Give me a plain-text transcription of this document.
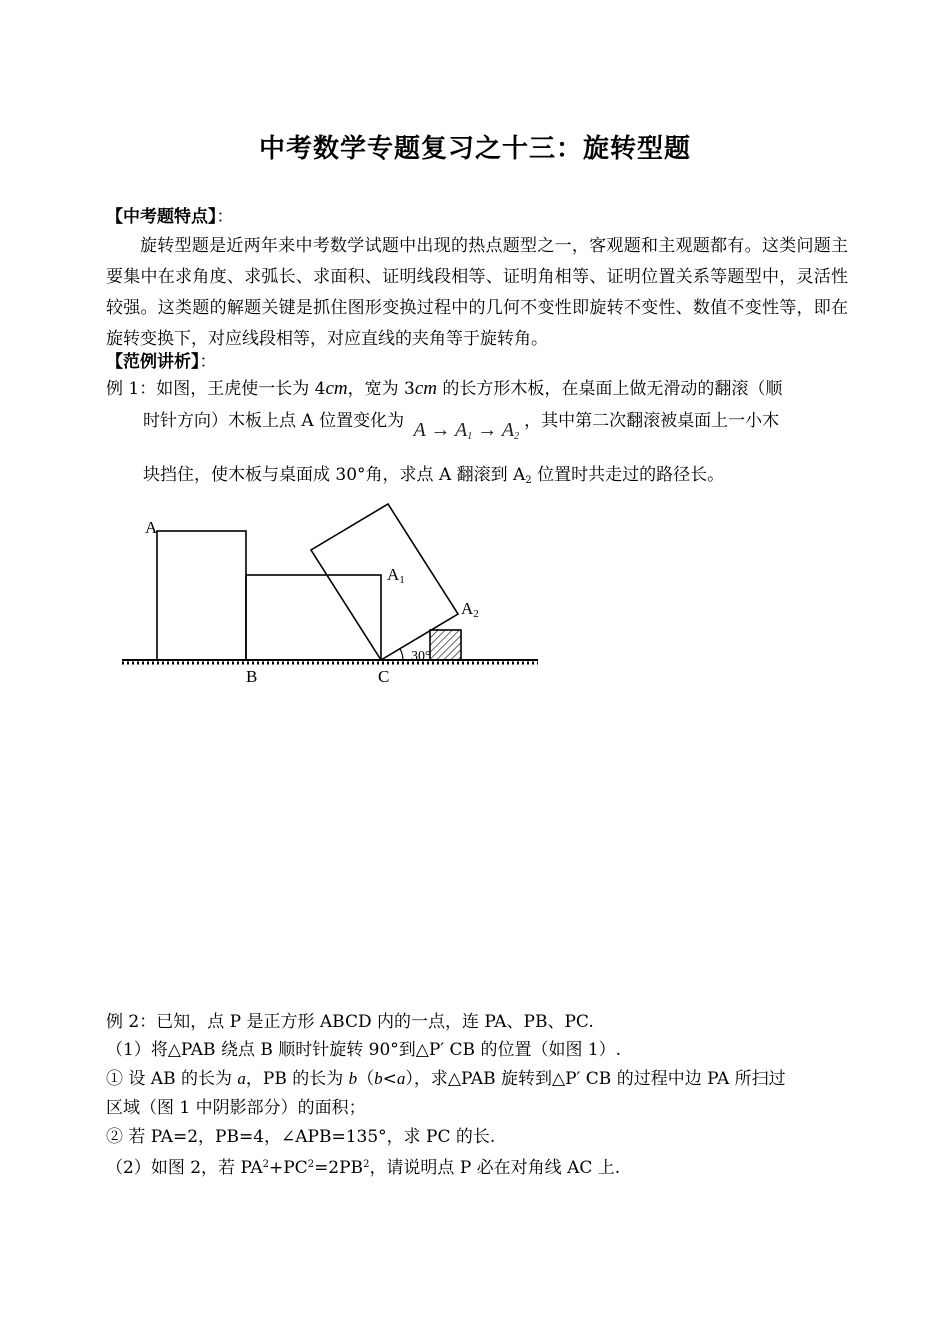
中考数学专题复习之十三：旋转型题
【中考题特点】：
旋转型题是近两年来中考数学试题中出现的热点题型之一，客观题和主观题都有。这类问题主要集中在求角度、求弧长、求面积、证明线段相等、证明角相等、证明位置关系等题型中，灵活性较强。这类题的解题关键是抓住图形变换过程中的几何不变性即旋转不变性、数值不变性等，即在旋转变换下，对应线段相等，对应直线的夹角等于旋转角。
【范例讲析】：
例 1：如图，王虎使一长为 4cm，宽为 3cm 的长方形木板，在桌面上做无滑动的翻滚（顺
时针方向）木板上点 A 位置变化为 $A \to A_1 \to A_2$ ，其中第二次翻滚被桌面上一小木
块挡住，使木板与桌面成 30°角，求点 A 翻滚到 $A_2$ 位置时共走过的路径长。
A
A1
A2
B	C
30°
例 2：已知，点 P 是正方形 ABCD 内的一点，连 PA、PB、PC.
（1）将△PAB 绕点 B 顺时针旋转 90°到△P′ CB 的位置（如图 1）.
① 设 AB 的长为 a，PB 的长为 b（b<a），求△PAB 旋转到△P′ CB 的过程中边 PA 所扫过
区域（图 1 中阴影部分）的面积；
② 若 PA=2，PB=4，∠APB=135°，求 PC 的长.
（2）如图 2，若 $PA^2+PC^2=2PB^2$，请说明点 P 必在对角线 AC 上.
